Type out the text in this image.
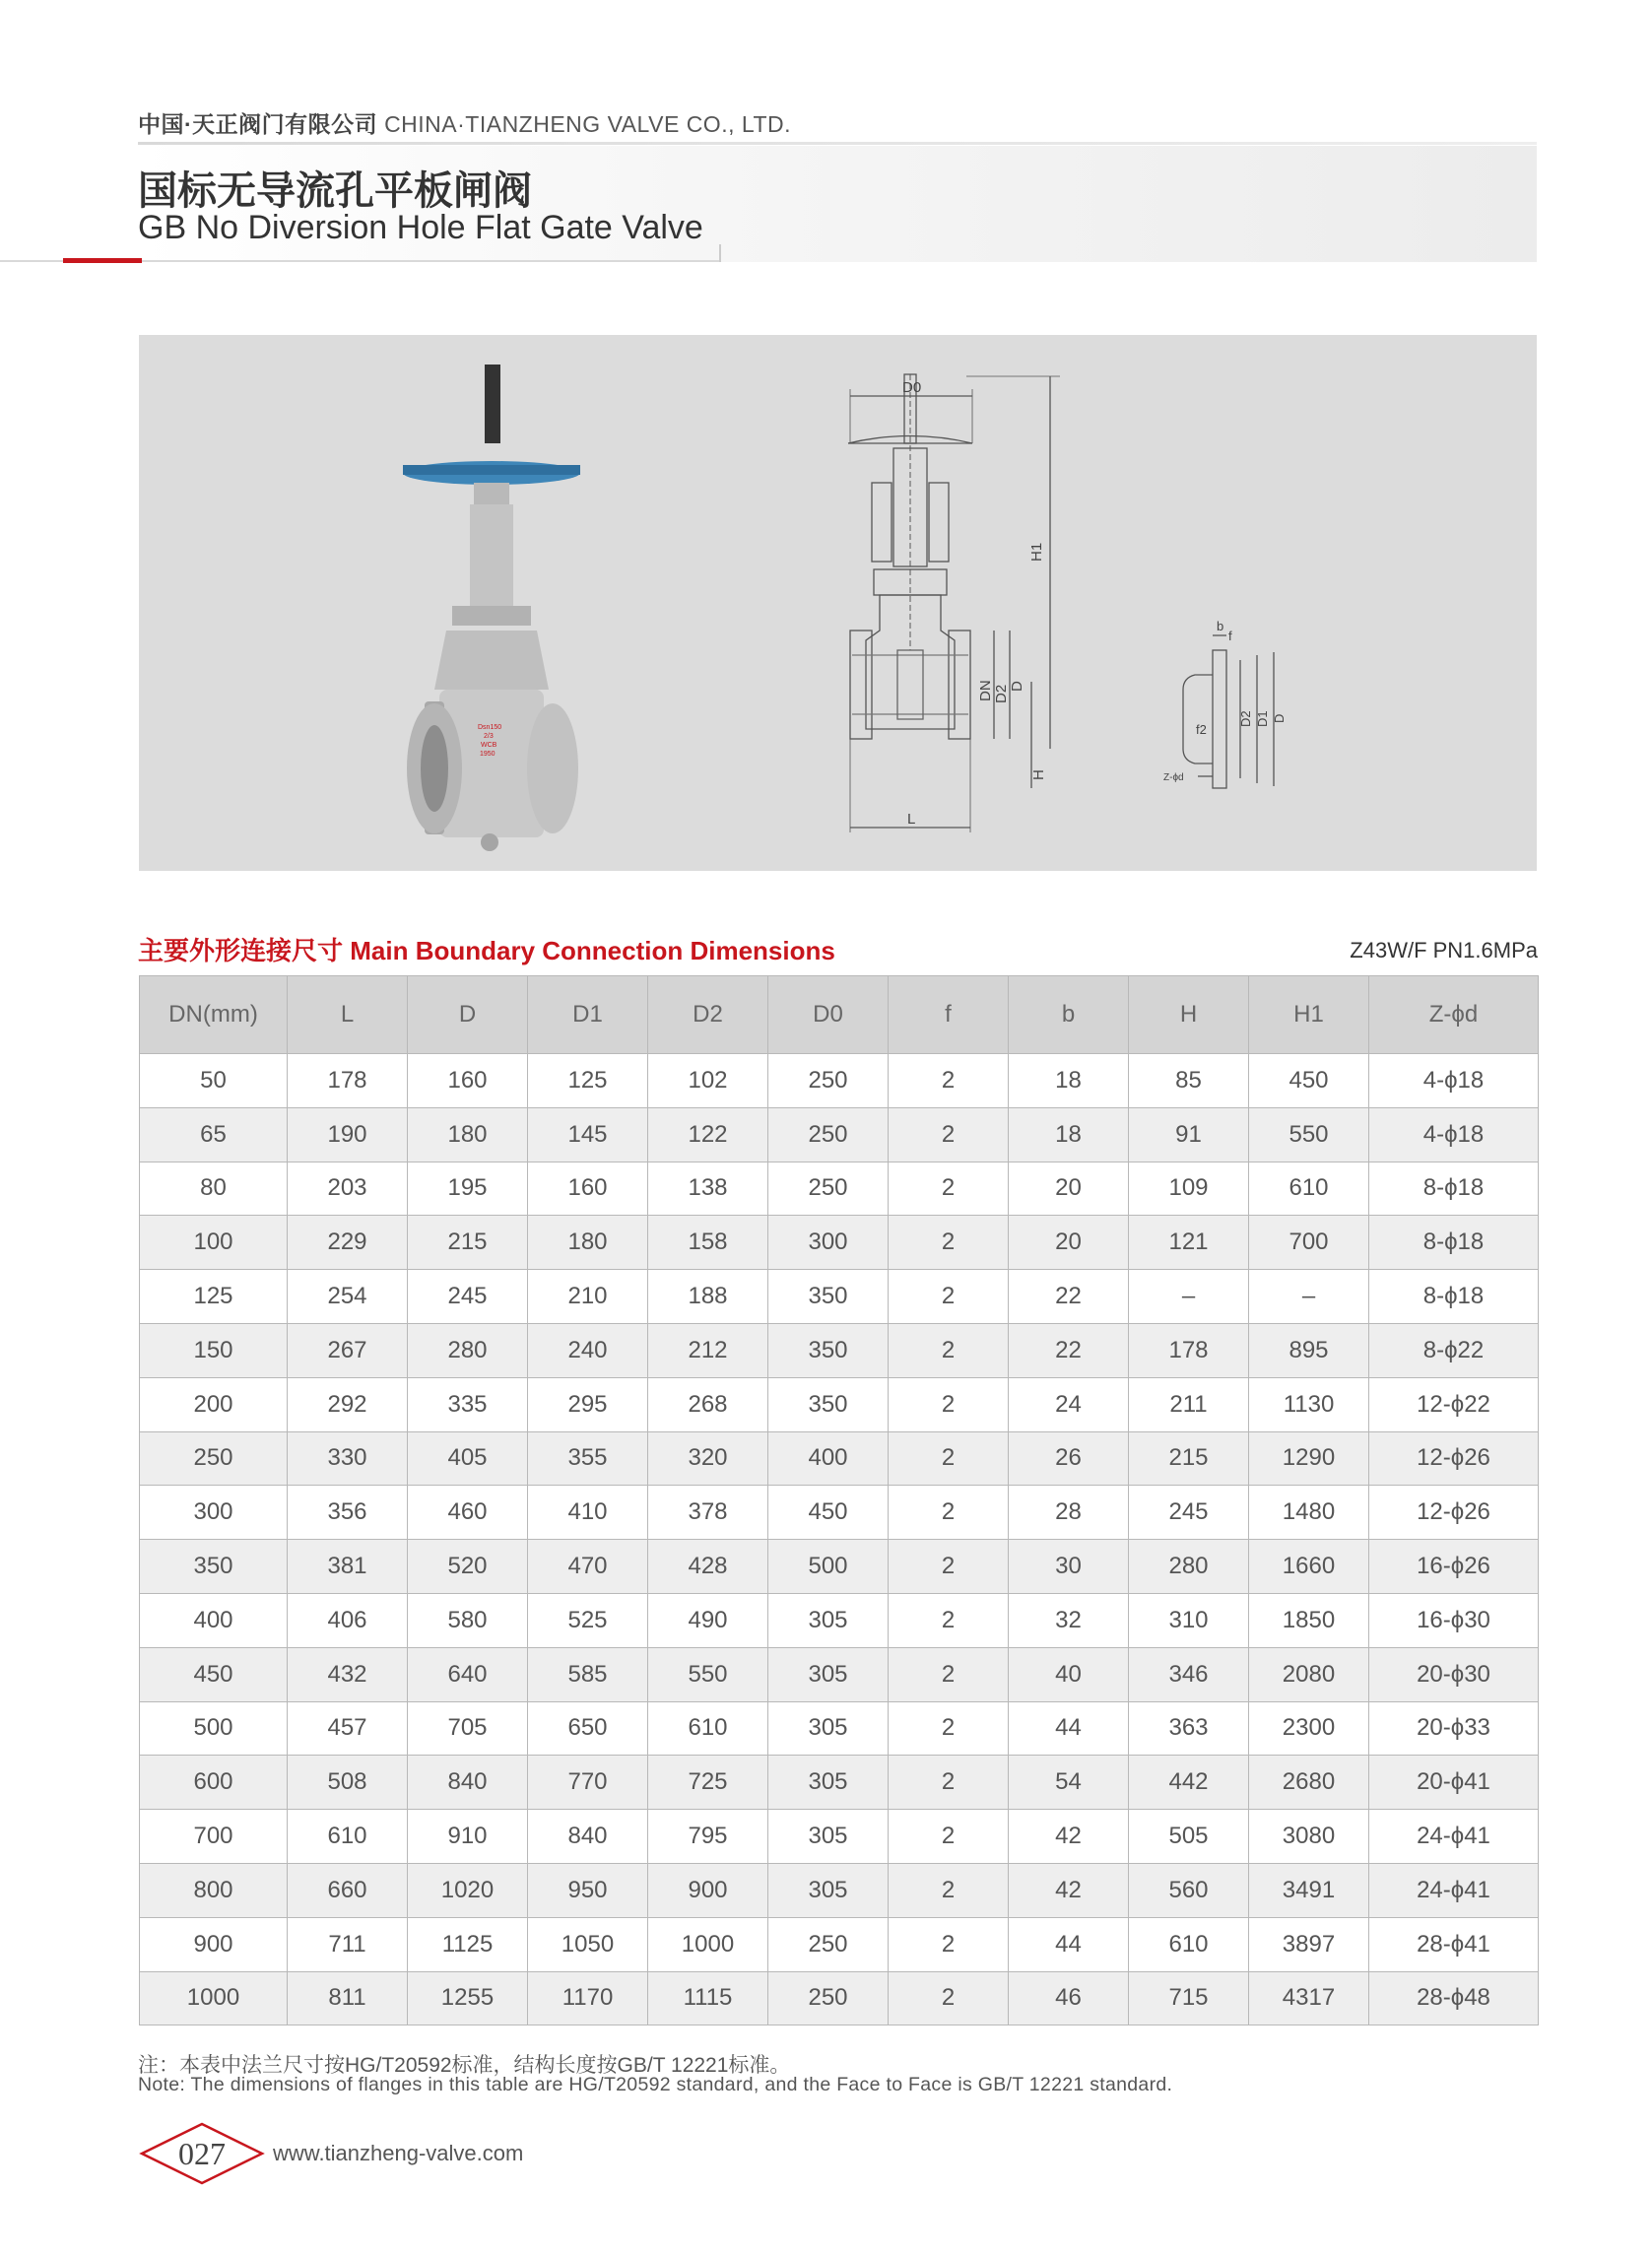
中国·天正阀门有限公司 CHINA·TIANZHENG VALVE CO., LTD.
国标无导流孔平板闸阀
GB No Diversion Hole Flat Gate Valve
Dsn150
2/3
WCB
1950
D0
H1
DN D2 D
H
L
b
f
f2
D2 D1 D
Z-ϕd
主要外形连接尺寸 Main Boundary Connection Dimensions	Z43W/F PN1.6MPa
DN(mm)	L	D	D1	D2	D0	f	b	H	H1	Z-ϕd
50	178	160	125	102	250	2	18	85	450	4-ϕ18
65	190	180	145	122	250	2	18	91	550	4-ϕ18
80	203	195	160	138	250	2	20	109	610	8-ϕ18
100	229	215	180	158	300	2	20	121	700	8-ϕ18
125	254	245	210	188	350	2	22	–	–	8-ϕ18
150	267	280	240	212	350	2	22	178	895	8-ϕ22
200	292	335	295	268	350	2	24	211	1130	12-ϕ22
250	330	405	355	320	400	2	26	215	1290	12-ϕ26
300	356	460	410	378	450	2	28	245	1480	12-ϕ26
350	381	520	470	428	500	2	30	280	1660	16-ϕ26
400	406	580	525	490	305	2	32	310	1850	16-ϕ30
450	432	640	585	550	305	2	40	346	2080	20-ϕ30
500	457	705	650	610	305	2	44	363	2300	20-ϕ33
600	508	840	770	725	305	2	54	442	2680	20-ϕ41
700	610	910	840	795	305	2	42	505	3080	24-ϕ41
800	660	1020	950	900	305	2	42	560	3491	24-ϕ41
900	711	1125	1050	1000	250	2	44	610	3897	28-ϕ41
1000	811	1255	1170	1115	250	2	46	715	4317	28-ϕ48
注：本表中法兰尺寸按HG/T20592标准，结构长度按GB/T 12221标准。
Note: The dimensions of flanges in this table are HG/T20592 standard, and the Face to Face is GB/T 12221 standard.
027	www.tianzheng-valve.com
